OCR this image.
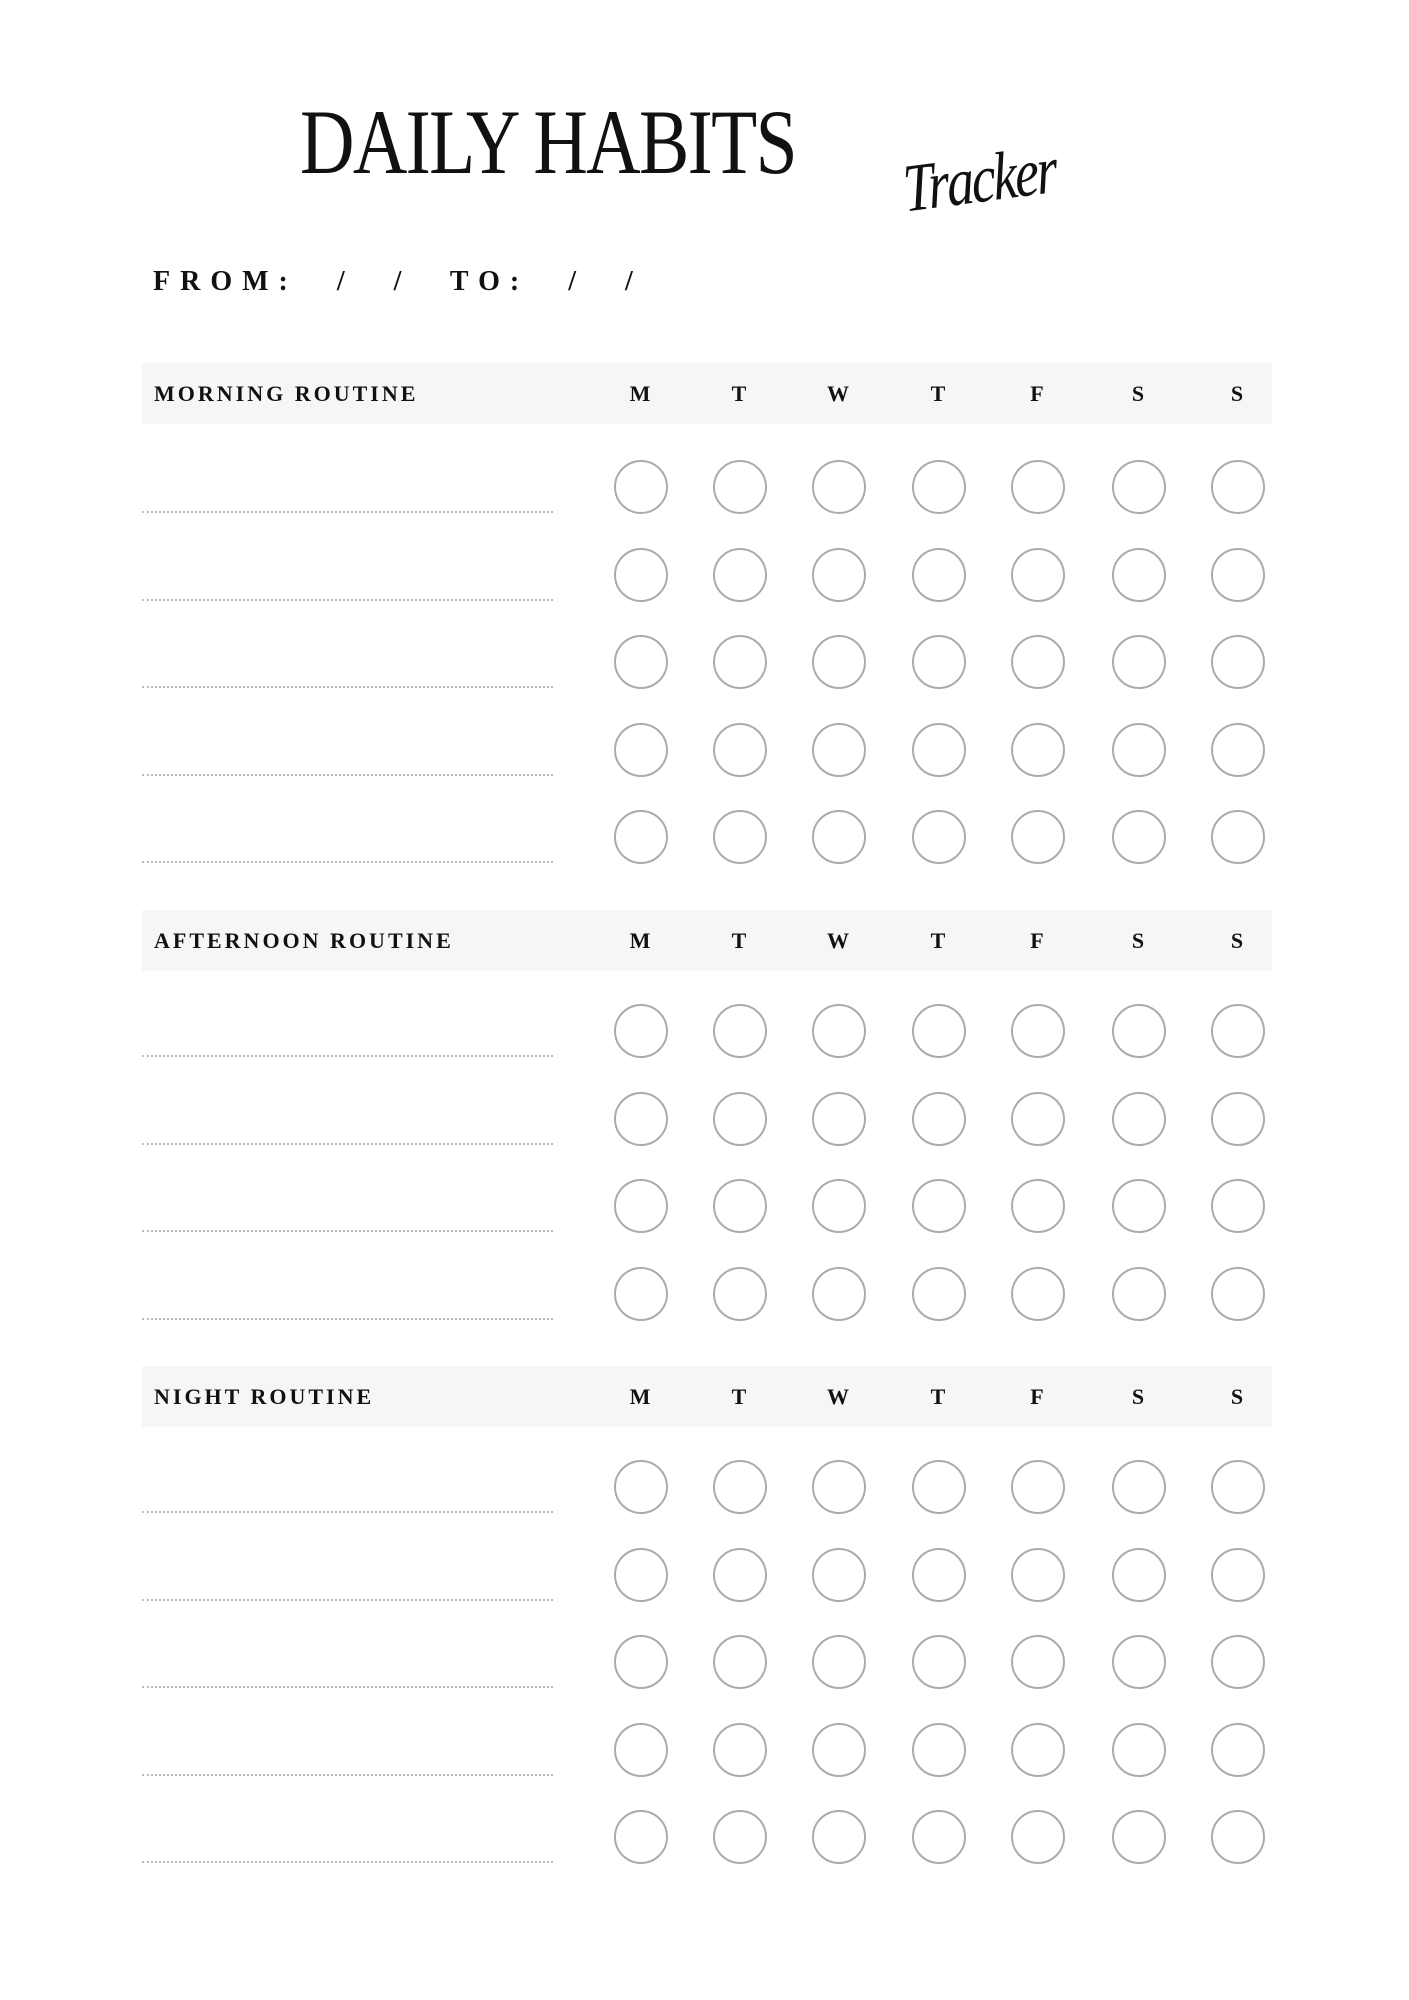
DAILY HABITS Tracker
FROM: / / TO: / /
MORNING ROUTINE	M	T	W	T	F	S	S
AFTERNOON ROUTINE	M	T	W	T	F	S	S
NIGHT ROUTINE	M	T	W	T	F	S	S
